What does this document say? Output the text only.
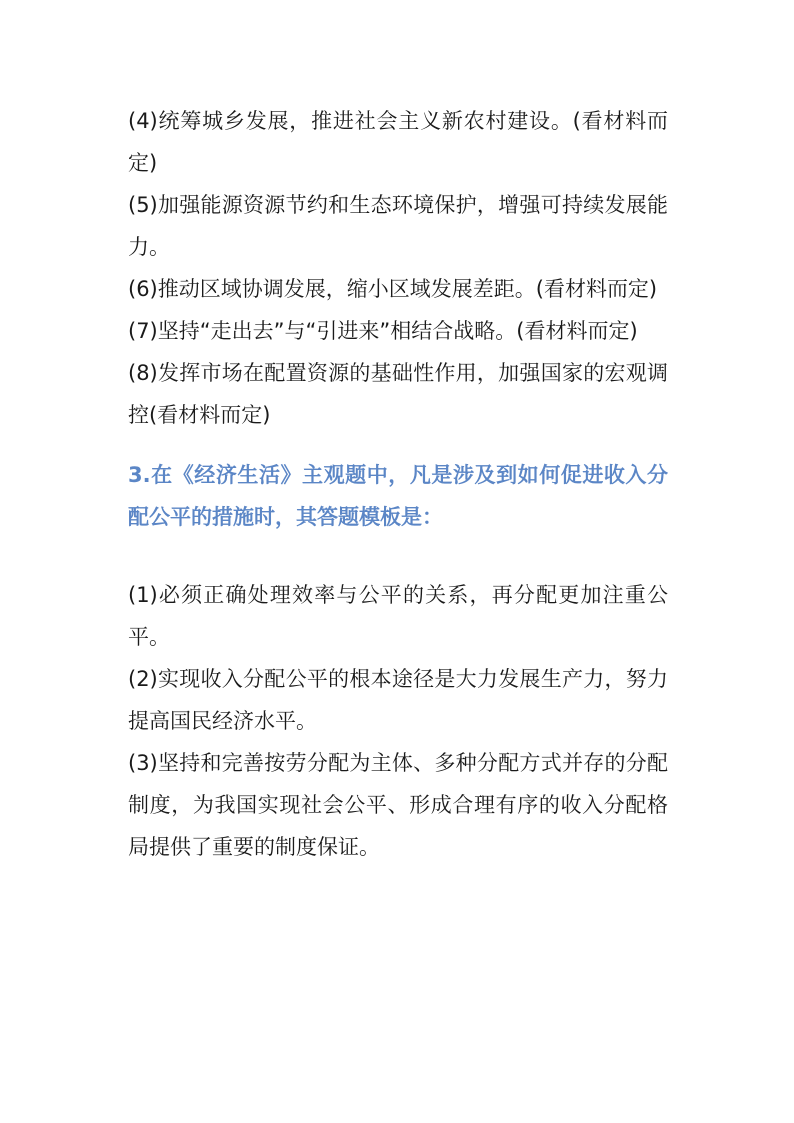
(4)统筹城乡发展，推进社会主义新农村建设。(看材料而定)

(5)加强能源资源节约和生态环境保护，增强可持续发展能力。

(6)推动区域协调发展，缩小区域发展差距。(看材料而定)

(7)坚持“走出去”与“引进来”相结合战略。(看材料而定)

(8)发挥市场在配置资源的基础性作用，加强国家的宏观调控(看材料而定)

3.在《经济生活》主观题中，凡是涉及到如何促进收入分配公平的措施时，其答题模板是：

(1)必须正确处理效率与公平的关系，再分配更加注重公平。

(2)实现收入分配公平的根本途径是大力发展生产力，努力提高国民经济水平。

(3)坚持和完善按劳分配为主体、多种分配方式并存的分配制度，为我国实现社会公平、形成合理有序的收入分配格局提供了重要的制度保证。
